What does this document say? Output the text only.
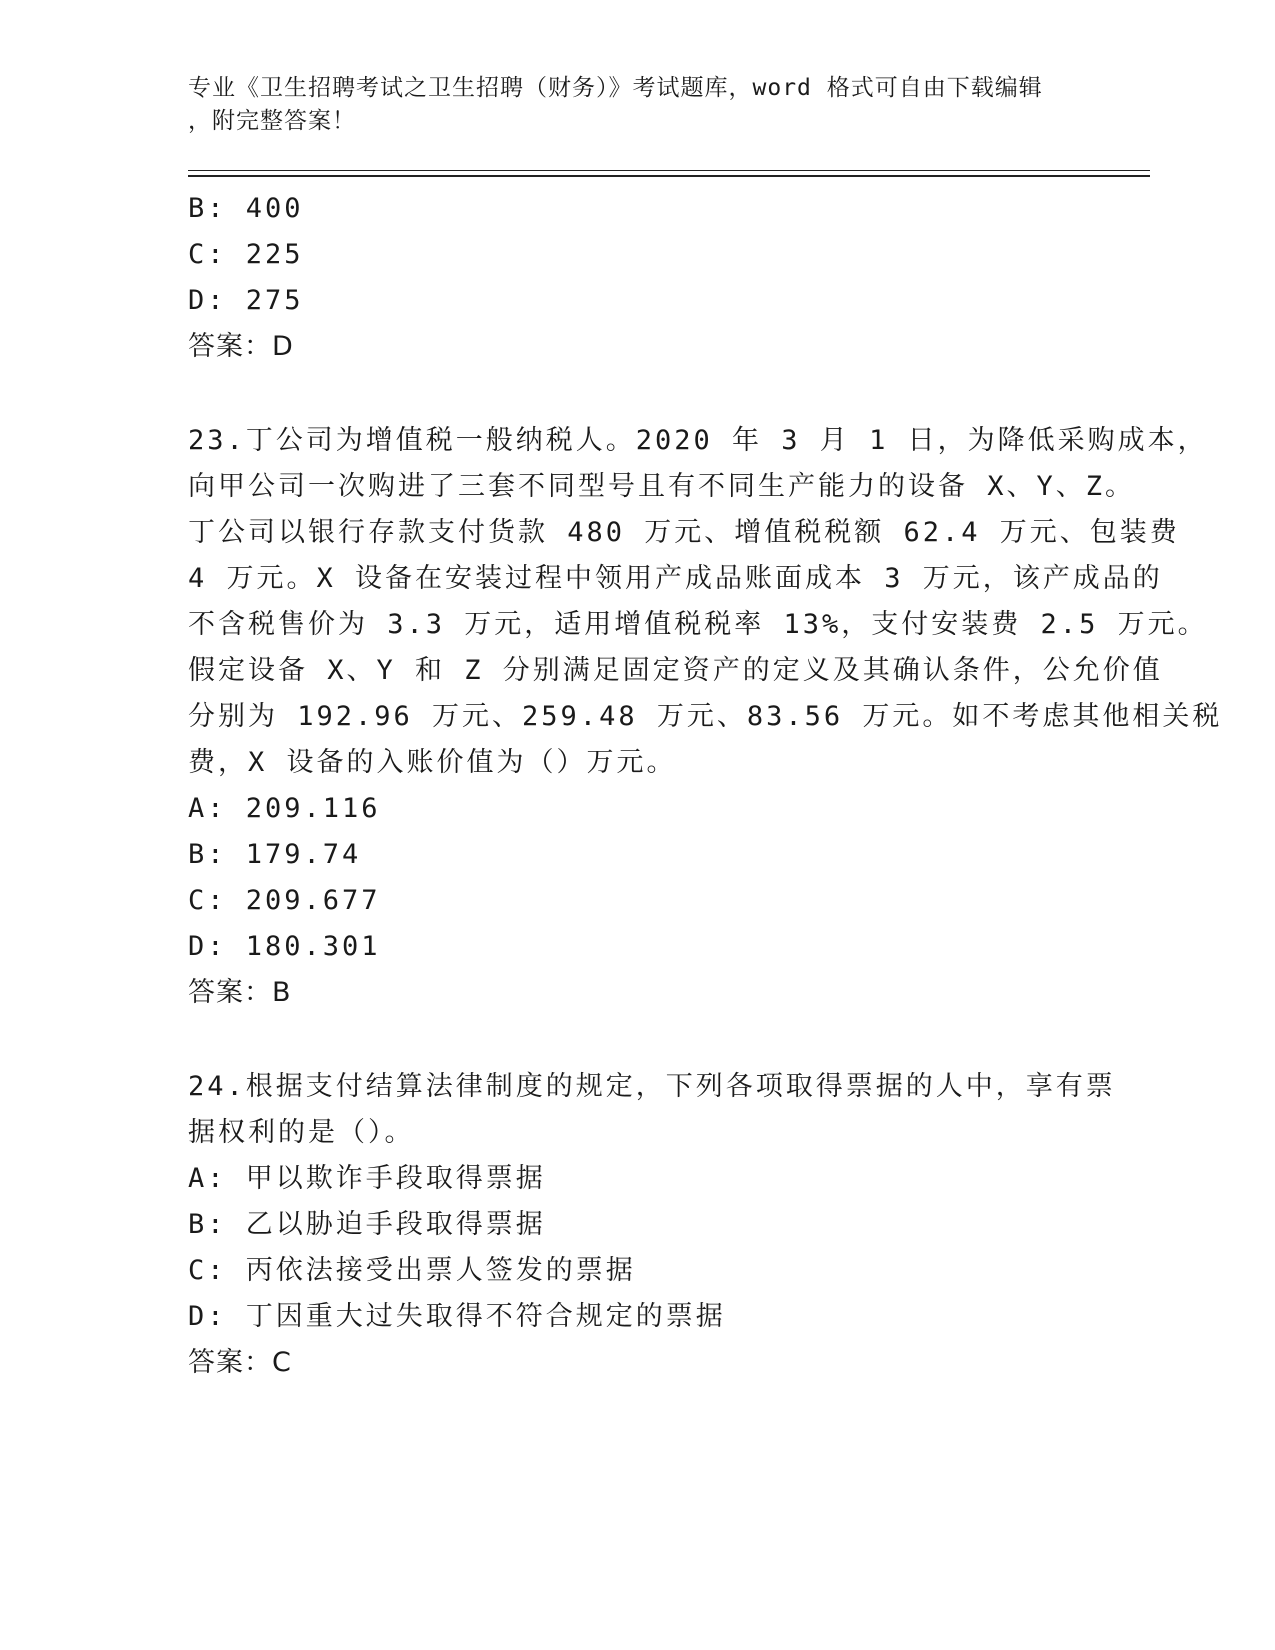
专业《卫生招聘考试之卫生招聘（财务）》考试题库，word 格式可自由下载编辑
，附完整答案！
B: 400
C: 225
D: 275
答案：D
23.丁公司为增值税一般纳税人。2020 年 3 月 1 日，为降低采购成本，
向甲公司一次购进了三套不同型号且有不同生产能力的设备 X、Y、Z。
丁公司以银行存款支付货款 480 万元、增值税税额 62.4 万元、包装费
4 万元。X 设备在安装过程中领用产成品账面成本 3 万元，该产成品的
不含税售价为 3.3 万元，适用增值税税率 13%，支付安装费 2.5 万元。
假定设备 X、Y 和 Z 分别满足固定资产的定义及其确认条件，公允价值
分别为 192.96 万元、259.48 万元、83.56 万元。如不考虑其他相关税
费，X 设备的入账价值为（）万元。
A: 209.116
B: 179.74
C: 209.677
D: 180.301
答案：B
24.根据支付结算法律制度的规定，下列各项取得票据的人中，享有票
据权利的是（）。
A: 甲以欺诈手段取得票据
B: 乙以胁迫手段取得票据
C: 丙依法接受出票人签发的票据
D: 丁因重大过失取得不符合规定的票据
答案：C
